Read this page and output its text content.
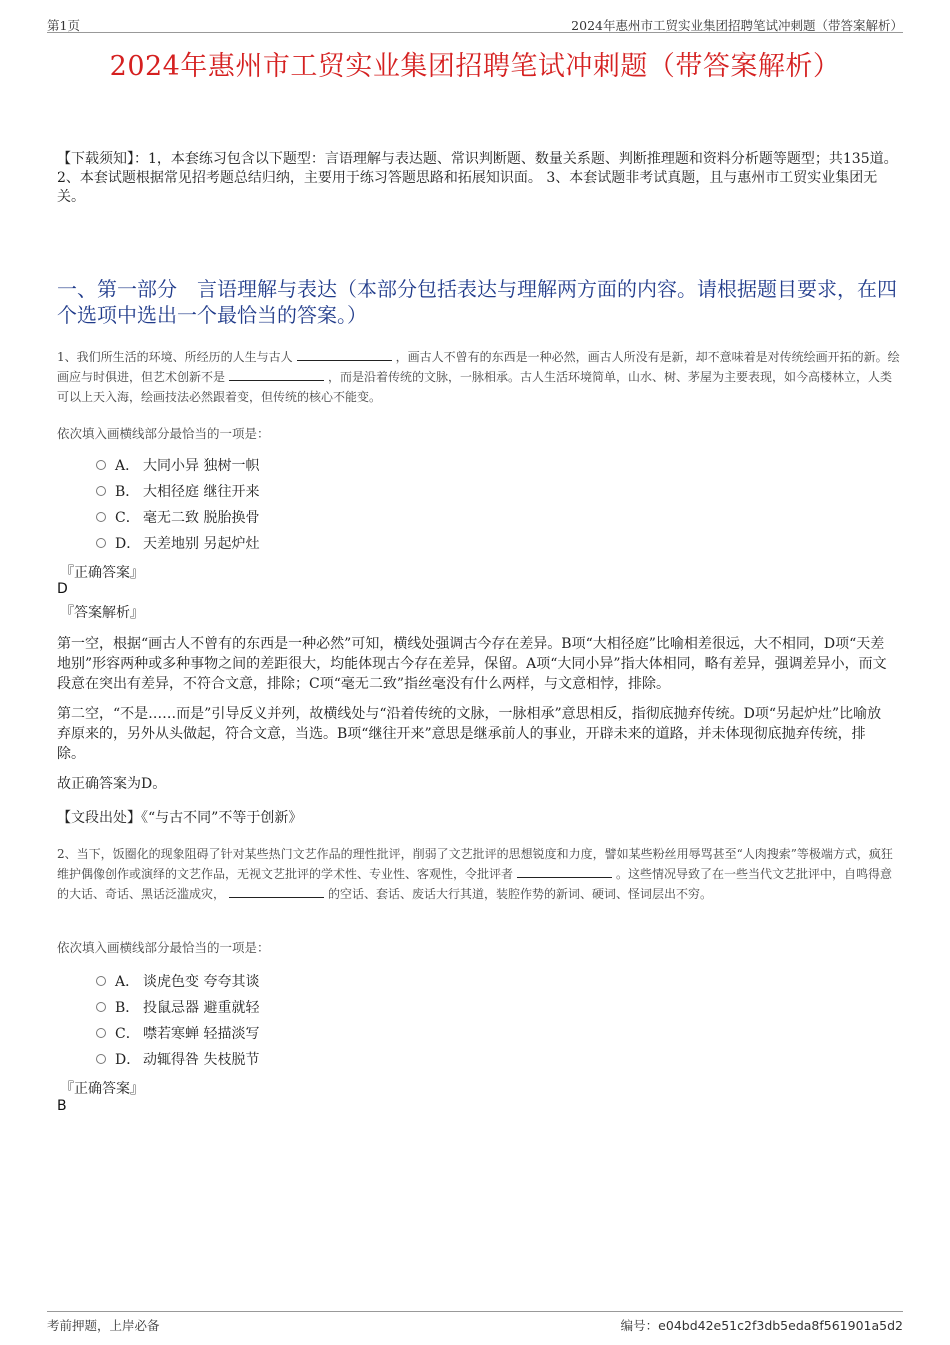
第1页	2024年惠州市工贸实业集团招聘笔试冲刺题（带答案解析）
2024年惠州市工贸实业集团招聘笔试冲刺题（带答案解析）
【下载须知】：1，本套练习包含以下题型：言语理解与表达题、常识判断题、数量关系题、判断推理题和资料分析题等题型；共135道。 2、本套试题根据常见招考题总结归纳，主要用于练习答题思路和拓展知识面。 3、本套试题非考试真题，且与惠州市工贸实业集团无关。
一、第一部分　言语理解与表达（本部分包括表达与理解两方面的内容。请根据题目要求，在四个选项中选出一个最恰当的答案。）
1、我们所生活的环境、所经历的人生与古人	，画古人不曾有的东西是一种必然，画古人所没有是新，却不意味着是对传统绘画开拓的新。绘画应与时俱进，但艺术创新不是	，而是沿着传统的文脉，一脉相承。古人生活环境简单，山水、树、茅屋为主要表现，如今高楼林立，人类可以上天入海，绘画技法必然跟着变，但传统的核心不能变。
依次填入画横线部分最恰当的一项是：
A． 大同小异 独树一帜
B． 大相径庭 继往开来
C． 毫无二致 脱胎换骨
D． 天差地别 另起炉灶
『正确答案』
D
『答案解析』
第一空，根据“画古人不曾有的东西是一种必然”可知，横线处强调古今存在差异。B项“大相径庭”比喻相差很远，大不相同，D项“天差地别”形容两种或多种事物之间的差距很大，均能体现古今存在差异，保留。A项“大同小异”指大体相同，略有差异，强调差异小，而文段意在突出有差异，不符合文意，排除；C项“毫无二致”指丝毫没有什么两样，与文意相悖，排除。
第二空，“不是……而是”引导反义并列，故横线处与“沿着传统的文脉，一脉相承”意思相反，指彻底抛弃传统。D项“另起炉灶”比喻放弃原来的，另外从头做起，符合文意，当选。B项“继往开来”意思是继承前人的事业，开辟未来的道路，并未体现彻底抛弃传统，排除。
故正确答案为D。
【文段出处】《“与古不同”不等于创新》
2、当下，饭圈化的现象阻碍了针对某些热门文艺作品的理性批评，削弱了文艺批评的思想锐度和力度，譬如某些粉丝用辱骂甚至“人肉搜索”等极端方式，疯狂维护偶像创作或演绎的文艺作品，无视文艺批评的学术性、专业性、客观性，令批评者	。这些情况导致了在一些当代文艺批评中，自鸣得意的大话、奇话、黑话泛滥成灾，	的空话、套话、废话大行其道，装腔作势的新词、硬词、怪词层出不穷。
依次填入画横线部分最恰当的一项是：
A． 谈虎色变 夸夸其谈
B． 投鼠忌器 避重就轻
C． 噤若寒蝉 轻描淡写
D． 动辄得咎 失枝脱节
『正确答案』
B
考前押题，上岸必备	编号：e04bd42e51c2f3db5eda8f561901a5d2
